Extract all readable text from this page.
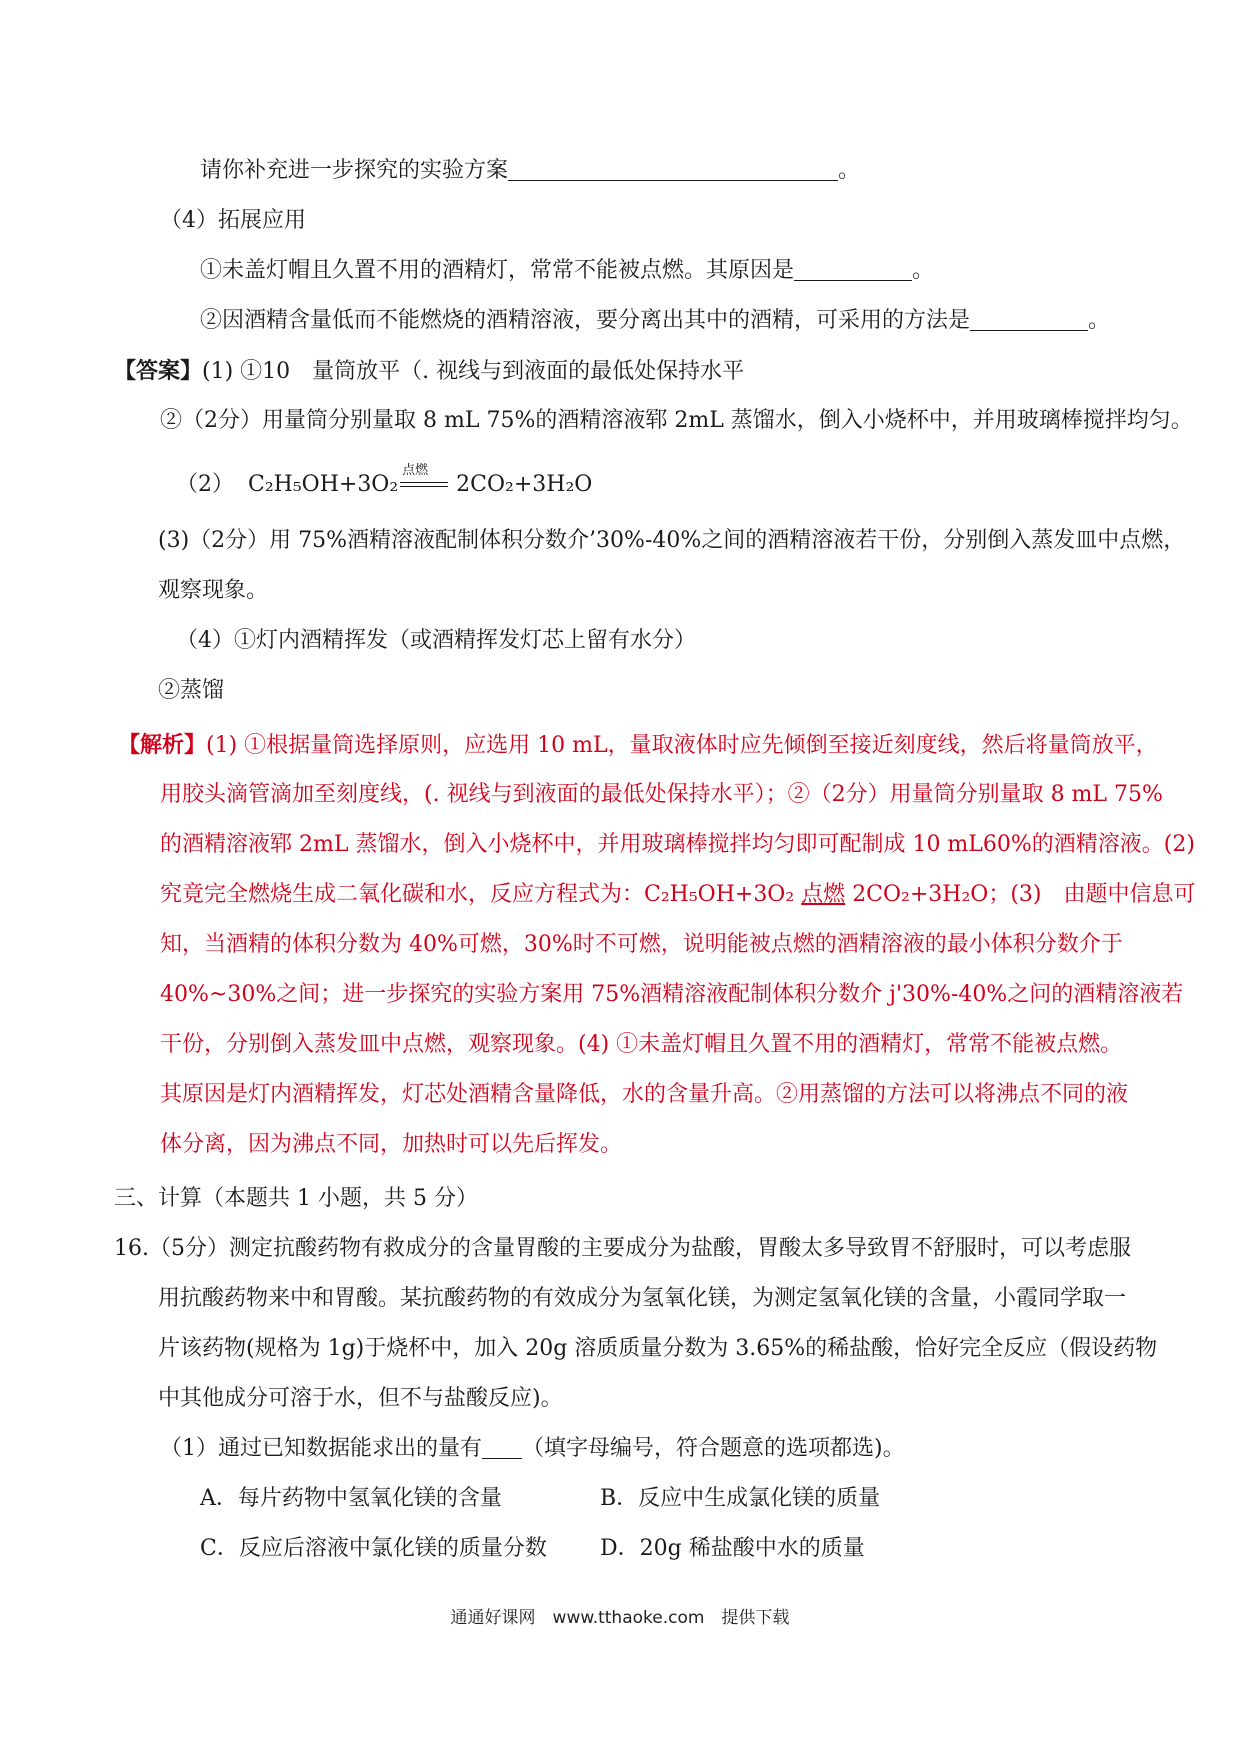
请你补充进一步探究的实验方案	。
（4）拓展应用
①未盖灯帽且久置不用的酒精灯，常常不能被点燃。其原因是	。
②因酒精含量低而不能燃烧的酒精溶液，要分离出其中的酒精，可采用的方法是	。
【答案】(1) ①10　量筒放平（. 视线与到液面的最低处保持水平
②（2分）用量筒分别量取 8 mL 75%的酒精溶液郓 2mL 蒸馏水，倒入小烧杯中，并用玻璃棒搅拌均匀。
（2） C₂H₅OH+3O₂
点燃
2CO₂+3H₂O
(3)（2分）用 75%酒精溶液配制体积分数介’30%-40%之间的酒精溶液若干份，分别倒入蒸发皿中点燃，
观察现象。
（4）①灯内酒精挥发（或酒精挥发灯芯上留有水分）
②蒸馏
【解析】(1) ①根据量筒选择原则，应选用 10 mL，量取液体时应先倾倒至接近刻度线，然后将量筒放平，
用胶头滴管滴加至刻度线，(. 视线与到液面的最低处保持水平）；②（2分）用量筒分别量取 8 mL 75%
的酒精溶液郓 2mL 蒸馏水，倒入小烧杯中，并用玻璃棒搅拌均匀即可配制成 10 mL60%的酒精溶液。(2)
究竟完全燃烧生成二氧化碳和水，反应方程式为：C₂H₅OH+3O₂ 点燃 2CO₂+3H₂O；(3)　由题中信息可
知，当酒精的体积分数为 40%可燃，30%时不可燃，说明能被点燃的酒精溶液的最小体积分数介于
40%~30%之间；进一步探究的实验方案用 75%酒精溶液配制体积分数介 j'30%-40%之问的酒精溶液若
干份，分别倒入蒸发皿中点燃，观察现象。(4) ①未盖灯帽且久置不用的酒精灯，常常不能被点燃。
其原因是灯内酒精挥发，灯芯处酒精含量降低，水的含量升高。②用蒸馏的方法可以将沸点不同的液
体分离，因为沸点不同，加热时可以先后挥发。
三、计算（本题共 1 小题，共 5 分）
16.（5分）测定抗酸药物有救成分的含量胃酸的主要成分为盐酸，胃酸太多导致胃不舒服时，可以考虑服
用抗酸药物来中和胃酸。某抗酸药物的有效成分为氢氧化镁，为测定氢氧化镁的含量，小霞同学取一
片该药物(规格为 1g)于烧杯中，加入 20g 溶质质量分数为 3.65%的稀盐酸，恰好完全反应（假设药物
中其他成分可溶于水，但不与盐酸反应)。
（1）通过已知数据能求出的量有 （填字母编号，符合题意的选项都选)。
A．每片药物中氢氧化镁的含量	B．反应中生成氯化镁的质量
C．反应后溶液中氯化镁的质量分数 D．20g 稀盐酸中水的质量
通通好课网　www.tthaoke.com　提供下载
